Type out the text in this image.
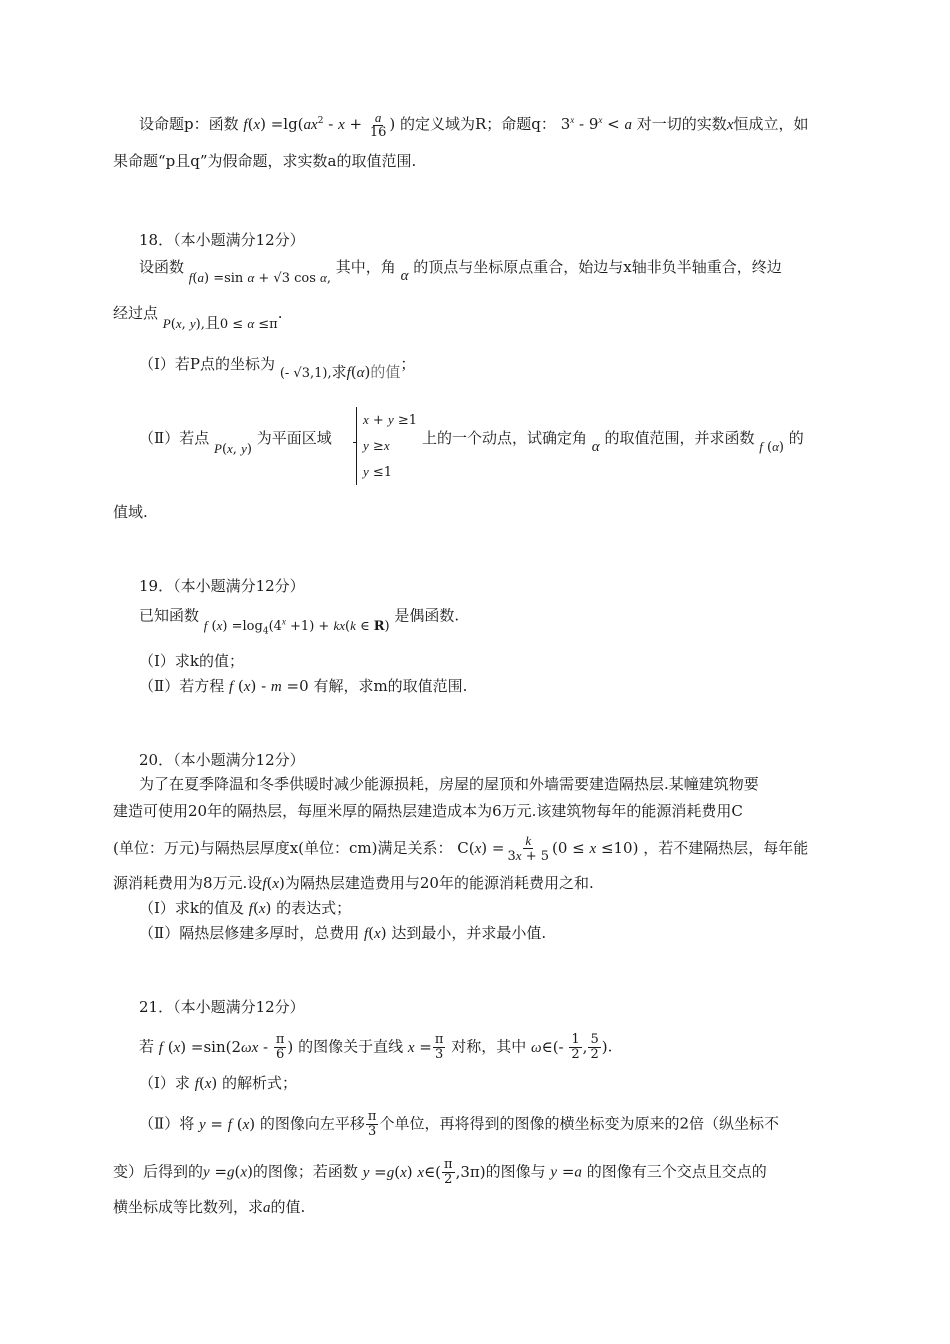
设命题p：函数 $f(x) =\lg(ax^2 - x + \frac{a}{16}$ ) 的定义域为R；命题q： $3^x - 9^x < a$ 对一切的实数x恒成立，如
果命题“p且q”为假命题，求实数a的取值范围.
18．（本小题满分12分）
设函数 f(a) =sin α + √3 cos α, 其中，角 α 的顶点与坐标原点重合，始边与x轴非负半轴重合，终边
经过点 P(x, y),且0 ≤ α ≤π.
（Ⅰ）若P点的坐标为 (- √3,1),求f(α)的值；
（Ⅱ）若点 P(x, y) 为平面区域
x + y ≥1
y ≥x
y ≤1
上的一个动点，试确定角 α 的取值范围，并求函数 f (α) 的
值域.
19．（本小题满分12分）
已知函数 f $(x) =\log_4(4^x +1) + kx(k$ ∈ R) 是偶函数.
（Ⅰ）求k的值；
（Ⅱ）若方程 f (x) - m =0 有解，求m的取值范围.
20．（本小题满分12分）
为了在夏季降温和冬季供暖时减少能源损耗，房屋的屋顶和外墙需要建造隔热层.某幢建筑物要
建造可使用20年的隔热层，每厘米厚的隔热层建造成本为6万元.该建筑物每年的能源消耗费用C
(单位：万元)与隔热层厚度x(单位：cm)满足关系： $C(x) = \frac{k}{3x + 5} (0 \le x \le 10)$ ，若不建隔热层，每年能
源消耗费用为8万元.设f(x)为隔热层建造费用与20年的能源消耗费用之和.
（Ⅰ）求k的值及 f(x) 的表达式；
（Ⅱ）隔热层修建多厚时，总费用 f(x) 达到最小，并求最小值.
21．（本小题满分12分）
若 f $(x) =\sin(2\omega x - \frac{\pi}{6}$ ) 的图像关于直线 $x = \frac{\pi}{3}$ 对称，其中 ω∈(- $\frac{1}{2}$ , $\frac{5}{2}$ ).
（Ⅰ）求 f(x) 的解析式；
（Ⅱ）将 y = f (x) 的图像向左平移 $\frac{\pi}{3}$ 个单位，再将得到的图像的横坐标变为原来的2倍（纵坐标不
变）后得到的y =g(x)的图像；若函数 y =g(x) x∈( $\frac{\pi}{2} ,3\pi$)的图像与 y =a 的图像有三个交点且交点的
横坐标成等比数列，求a的值.
